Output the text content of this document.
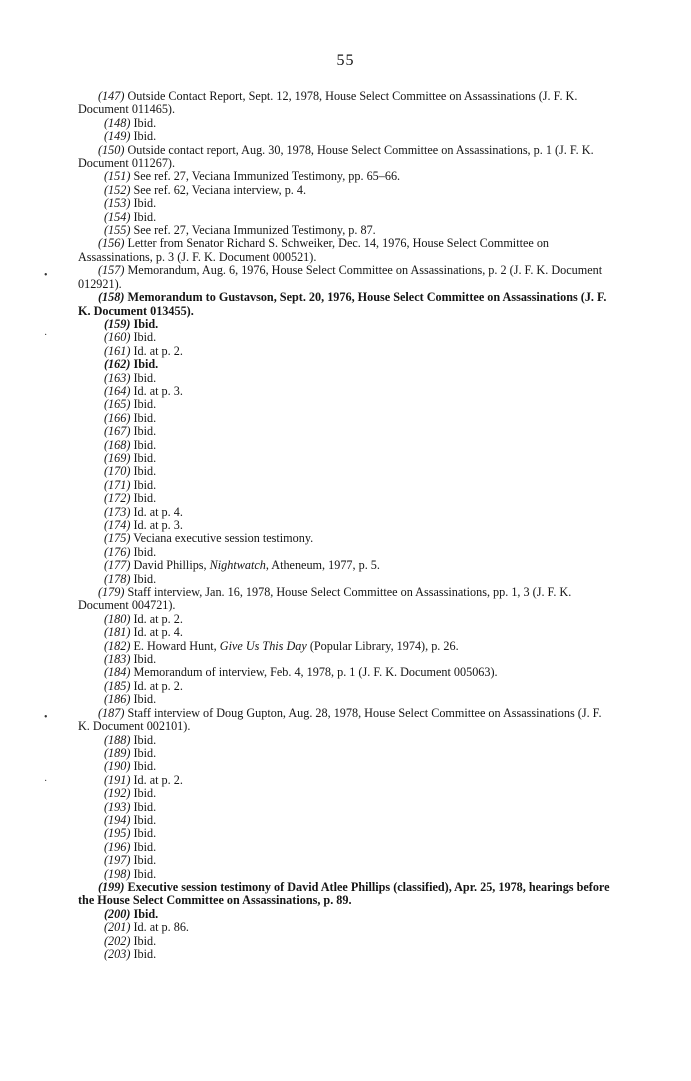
55
•
·
•
·
(147) Outside Contact Report, Sept. 12, 1978, House Select Committee on Assassinations (J. F. K. Document 011465).
(148) Ibid.
(149) Ibid.
(150) Outside contact report, Aug. 30, 1978, House Select Committee on Assassinations, p. 1 (J. F. K. Document 011267).
(151) See ref. 27, Veciana Immunized Testimony, pp. 65–66.
(152) See ref. 62, Veciana interview, p. 4.
(153) Ibid.
(154) Ibid.
(155) See ref. 27, Veciana Immunized Testimony, p. 87.
(156) Letter from Senator Richard S. Schweiker, Dec. 14, 1976, House Select Committee on Assassinations, p. 3 (J. F. K. Document 000521).
(157) Memorandum, Aug. 6, 1976, House Select Committee on Assassinations, p. 2 (J. F. K. Document 012921).
(158) Memorandum to Gustavson, Sept. 20, 1976, House Select Committee on Assassinations (J. F. K. Document 013455).
(159) Ibid.
(160) Ibid.
(161) Id. at p. 2.
(162) Ibid.
(163) Ibid.
(164) Id. at p. 3.
(165) Ibid.
(166) Ibid.
(167) Ibid.
(168) Ibid.
(169) Ibid.
(170) Ibid.
(171) Ibid.
(172) Ibid.
(173) Id. at p. 4.
(174) Id. at p. 3.
(175) Veciana executive session testimony.
(176) Ibid.
(177) David Phillips, Nightwatch, Atheneum, 1977, p. 5.
(178) Ibid.
(179) Staff interview, Jan. 16, 1978, House Select Committee on Assassinations, pp. 1, 3 (J. F. K. Document 004721).
(180) Id. at p. 2.
(181) Id. at p. 4.
(182) E. Howard Hunt, Give Us This Day (Popular Library, 1974), p. 26.
(183) Ibid.
(184) Memorandum of interview, Feb. 4, 1978, p. 1 (J. F. K. Document 005063).
(185) Id. at p. 2.
(186) Ibid.
(187) Staff interview of Doug Gupton, Aug. 28, 1978, House Select Committee on Assassinations (J. F. K. Document 002101).
(188) Ibid.
(189) Ibid.
(190) Ibid.
(191) Id. at p. 2.
(192) Ibid.
(193) Ibid.
(194) Ibid.
(195) Ibid.
(196) Ibid.
(197) Ibid.
(198) Ibid.
(199) Executive session testimony of David Atlee Phillips (classified), Apr. 25, 1978, hearings before the House Select Committee on Assassinations, p. 89.
(200) Ibid.
(201) Id. at p. 86.
(202) Ibid.
(203) Ibid.
